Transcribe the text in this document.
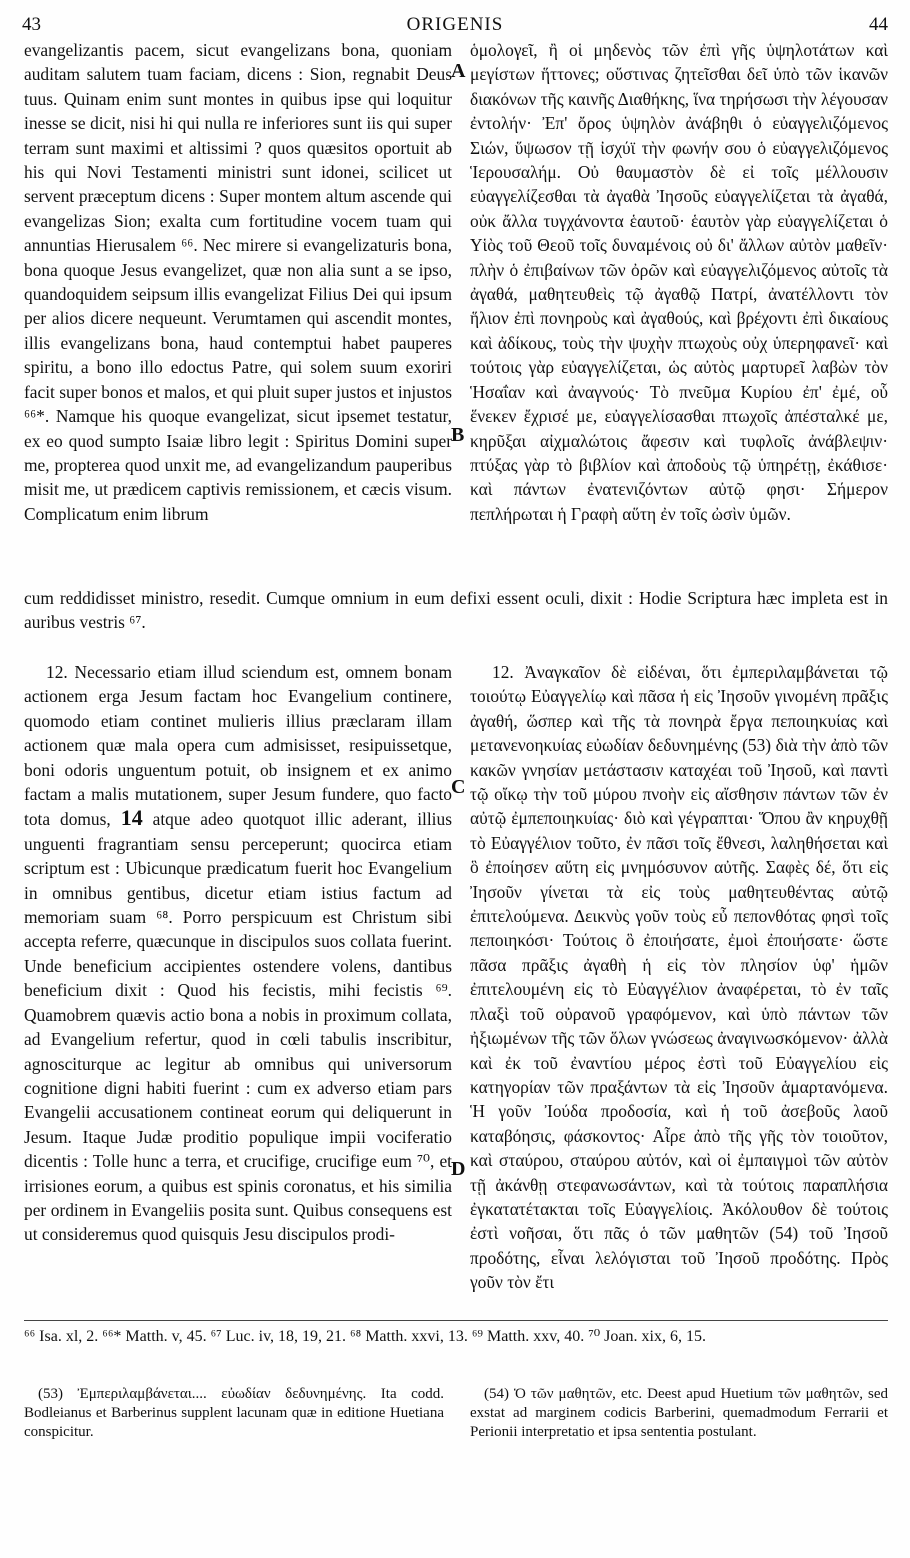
43	ORIGENIS	44

evangelizantis pacem, sicut evangelizans bona, quoniam auditam salutem tuam faciam, dicens : Sion, regnabit Deus tuus. Quinam enim sunt montes in quibus ipse qui loquitur inesse se dicit, nisi hi qui nulla re inferiores sunt iis qui super terram sunt maximi et altissimi ? quos quæsitos oportuit ab his qui Novi Testamenti ministri sunt idonei, scilicet ut servent præceptum dicens : Super montem altum ascende qui evangelizas Sion; exalta cum fortitudine vocem tuam qui annuntias Hierusalem ⁶⁶. Nec mirere si evangelizaturis bona, bona quoque Jesus evangelizet, quæ non alia sunt a se ipso, quandoquidem seipsum illis evangelizat Filius Dei qui ipsum per alios dicere nequeunt. Verumtamen qui ascendit montes, illis evangelizans bona, haud contemptui habet pauperes spiritu, a bono illo edoctus Patre, qui solem suum exoriri facit super bonos et malos, et qui pluit super justos et injustos ⁶⁶*. Namque his quoque evangelizat, sicut ipsemet testatur, ex eo quod sumpto Isaiæ libro legit : Spiritus Domini super me, propterea quod unxit me, ad evangelizandum pauperibus misit me, ut prædicem captivis remissionem, et cæcis visum. Complicatum enim librum

ὁμολογεῖ, ἢ οἱ μηδενὸς τῶν ἐπὶ γῆς ὑψηλοτάτων καὶ μεγίστων ἥττονες; οὕστινας ζητεῖσθαι δεῖ ὑπὸ τῶν ἱκανῶν διακόνων τῆς καινῆς Διαθήκης, ἵνα τηρήσωσι τὴν λέγουσαν ἐντολήν· Ἐπ' ὄρος ὑψηλὸν ἀνάβηθι ὁ εὐαγγελιζόμενος Σιών, ὕψωσον τῇ ἰσχύϊ τὴν φωνήν σου ὁ εὐαγγελιζόμενος Ἱερουσαλήμ. Οὐ θαυμαστὸν δὲ εἰ τοῖς μέλλουσιν εὐαγγελίζεσθαι τὰ ἀγαθὰ Ἰησοῦς εὐαγγελίζεται τὰ ἀγαθά, οὐκ ἄλλα τυγχάνοντα ἑαυτοῦ· ἑαυτὸν γὰρ εὐαγγελίζεται ὁ Υἱὸς τοῦ Θεοῦ τοῖς δυναμένοις οὐ δι' ἄλλων αὐτὸν μαθεῖν· πλὴν ὁ ἐπιβαίνων τῶν ὀρῶν καὶ εὐαγγελιζόμενος αὐτοῖς τὰ ἀγαθά, μαθητευθεὶς τῷ ἀγαθῷ Πατρί, ἀνατέλλοντι τὸν ἥλιον ἐπὶ πονηροὺς καὶ ἀγαθούς, καὶ βρέχοντι ἐπὶ δικαίους καὶ ἀδίκους, τοὺς τὴν ψυχὴν πτωχοὺς οὐχ ὑπερηφανεῖ· καὶ τούτοις γὰρ εὐαγγελίζεται, ὡς αὐτὸς μαρτυρεῖ λαβὼν τὸν Ἡσαΐαν καὶ ἀναγνούς· Τὸ πνεῦμα Κυρίου ἐπ' ἐμέ, οὗ ἕνεκεν ἔχρισέ με, εὐαγγελίσασθαι πτωχοῖς ἀπέσταλκέ με, κηρῦξαι αἰχμαλώτοις ἄφεσιν καὶ τυφλοῖς ἀνάβλεψιν· πτύξας γὰρ τὸ βιβλίον καὶ ἀποδοὺς τῷ ὑπηρέτῃ, ἐκάθισε· καὶ πάντων ἐνατενιζόντων αὐτῷ φησι· Σήμερον πεπλήρωται ἡ Γραφὴ αὕτη ἐν τοῖς ὠσὶν ὑμῶν.

A
B
C
D

cum reddidisset ministro, resedit. Cumque omnium in eum defixi essent oculi, dixit : Hodie Scriptura hæc impleta est in auribus vestris ⁶⁷.

12. Necessario etiam illud sciendum est, omnem bonam actionem erga Jesum factam hoc Evangelium continere, quomodo etiam continet mulieris illius præclaram illam actionem quæ mala opera cum admisisset, resipuissetque, boni odoris unguentum potuit, ob insignem et ex animo factam a malis mutationem, super Jesum fundere, quo facto tota domus, 14 atque adeo quotquot illic aderant, illius unguenti fragrantiam sensu perceperunt; quocirca etiam scriptum est : Ubicunque prædicatum fuerit hoc Evangelium in omnibus gentibus, dicetur etiam istius factum ad memoriam suam ⁶⁸. Porro perspicuum est Christum sibi accepta referre, quæcunque in discipulos suos collata fuerint. Unde beneficium accipientes ostendere volens, dantibus beneficium dixit : Quod his fecistis, mihi fecistis ⁶⁹. Quamobrem quævis actio bona a nobis in proximum collata, ad Evangelium refertur, quod in cœli tabulis inscribitur, agnosciturque ac legitur ab omnibus qui universorum cognitione digni habiti fuerint : cum ex adverso etiam pars Evangelii accusationem contineat eorum qui deliquerunt in Jesum. Itaque Judæ proditio populique impii vociferatio dicentis : Tolle hunc a terra, et crucifige, crucifige eum ⁷⁰, et irrisiones eorum, a quibus est spinis coronatus, et his similia per ordinem in Evangeliis posita sunt. Quibus consequens est ut consideremus quod quisquis Jesu discipulos prodi-

12. Ἀναγκαῖον δὲ εἰδέναι, ὅτι ἐμπεριλαμβάνεται τῷ τοιούτῳ Εὐαγγελίῳ καὶ πᾶσα ἡ εἰς Ἰησοῦν γινομένη πρᾶξις ἀγαθή, ὥσπερ καὶ τῆς τὰ πονηρὰ ἔργα πεποιηκυίας καὶ μετανενοηκυίας εὐωδίαν δεδυνημένης (53) διὰ τὴν ἀπὸ τῶν κακῶν γνησίαν μετάστασιν καταχέαι τοῦ Ἰησοῦ, καὶ παντὶ τῷ οἴκῳ τὴν τοῦ μύρου πνοὴν εἰς αἴσθησιν πάντων τῶν ἐν αὐτῷ ἐμπεποιηκυίας· διὸ καὶ γέγραπται· Ὅπου ἂν κηρυχθῇ τὸ Εὐαγγέλιον τοῦτο, ἐν πᾶσι τοῖς ἔθνεσι, λαληθήσεται καὶ ὃ ἐποίησεν αὕτη εἰς μνημόσυνον αὐτῆς. Σαφὲς δέ, ὅτι εἰς Ἰησοῦν γίνεται τὰ εἰς τοὺς μαθητευθέντας αὐτῷ ἐπιτελούμενα. Δεικνὺς γοῦν τοὺς εὖ πεπονθότας φησὶ τοῖς πεποιηκόσι· Τούτοις ὃ ἐποιήσατε, ἐμοὶ ἐποιήσατε· ὥστε πᾶσα πρᾶξις ἀγαθὴ ἡ εἰς τὸν πλησίον ὑφ' ἡμῶν ἐπιτελουμένη εἰς τὸ Εὐαγγέλιον ἀναφέρεται, τὸ ἐν ταῖς πλαξὶ τοῦ οὐρανοῦ γραφόμενον, καὶ ὑπὸ πάντων τῶν ἠξιωμένων τῆς τῶν ὅλων γνώσεως ἀναγινωσκόμενον· ἀλλὰ καὶ ἐκ τοῦ ἐναντίου μέρος ἐστὶ τοῦ Εὐαγγελίου εἰς κατηγορίαν τῶν πραξάντων τὰ εἰς Ἰησοῦν ἁμαρτανόμενα. Ἡ γοῦν Ἰούδα προδοσία, καὶ ἡ τοῦ ἀσεβοῦς λαοῦ καταβόησις, φάσκοντος· Αἶρε ἀπὸ τῆς γῆς τὸν τοιοῦτον, καὶ σταύρου, σταύρου αὐτόν, καὶ οἱ ἐμπαιγμοὶ τῶν αὐτὸν τῇ ἀκάνθῃ στεφανωσάντων, καὶ τὰ τούτοις παραπλήσια ἐγκατατέτακται τοῖς Εὐαγγελίοις. Ἀκόλουθον δὲ τούτοις ἐστὶ νοῆσαι, ὅτι πᾶς ὁ τῶν μαθητῶν (54) τοῦ Ἰησοῦ προδότης, εἶναι λελόγισται τοῦ Ἰησοῦ προδότης. Πρὸς γοῦν τὸν ἔτι

⁶⁶ Isa. xl, 2. ⁶⁶* Matth. v, 45. ⁶⁷ Luc. iv, 18, 19, 21. ⁶⁸ Matth. xxvi, 13. ⁶⁹ Matth. xxv, 40. ⁷⁰ Joan. xix, 6, 15.
(53) Ἐμπεριλαμβάνεται.... εὐωδίαν δεδυνημένης. Ita codd. Bodleianus et Barberinus supplent lacunam quæ in editione Huetiana conspicitur.
(54) Ὁ τῶν μαθητῶν, etc. Deest apud Huetium τῶν μαθητῶν, sed exstat ad marginem codicis Barberini, quemadmodum Ferrarii et Perionii interpretatio et ipsa sententia postulant.
